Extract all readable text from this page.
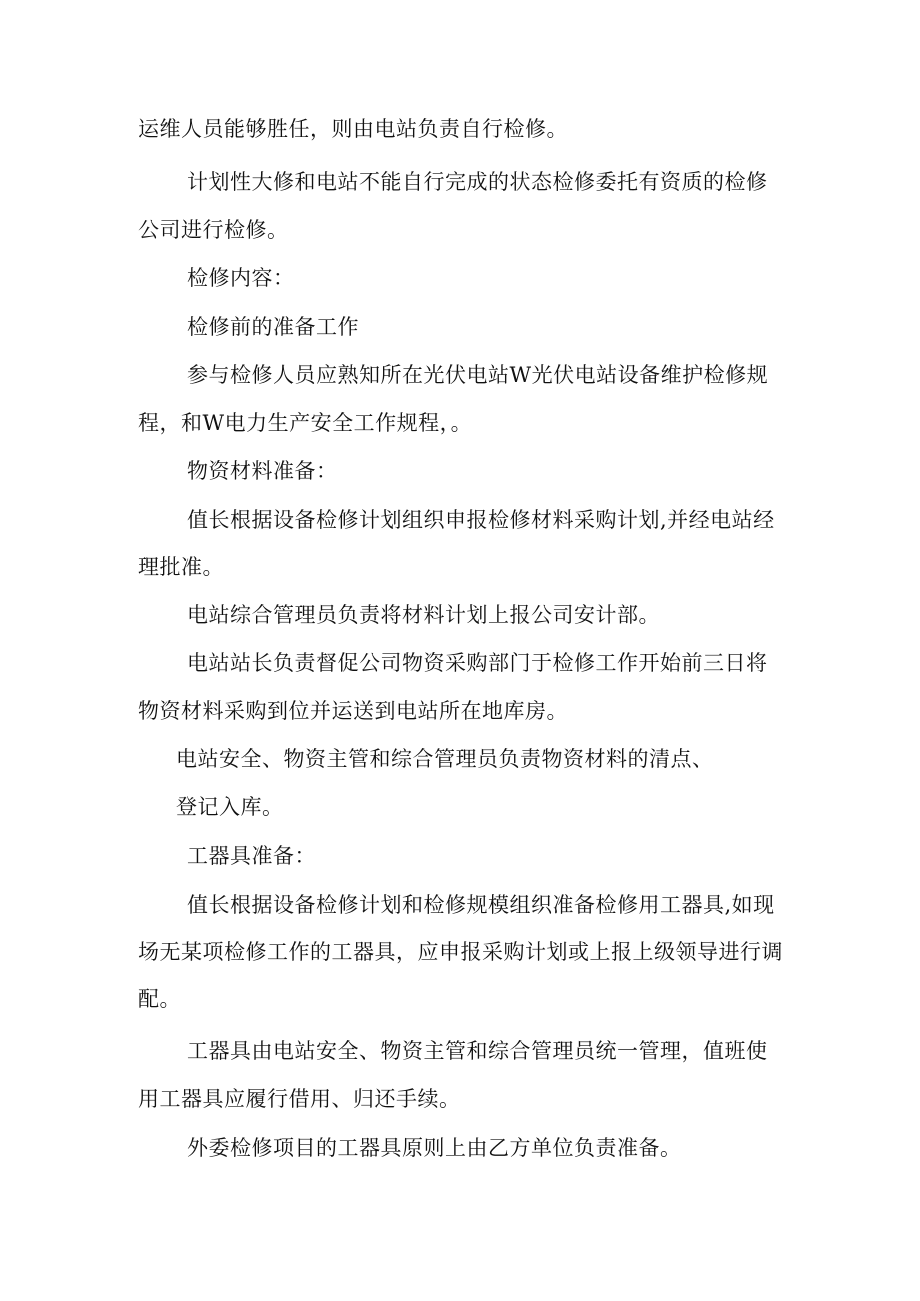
运维人员能够胜任，则由电站负责自行检修。
计划性大修和电站不能自行完成的状态检修委托有资质的检修
公司进行检修。
检修内容：
检修前的准备工作
参与检修人员应熟知所在光伏电站W光伏电站设备维护检修规
程，和W电力生产安全工作规程，。
物资材料准备：
值长根据设备检修计划组织申报检修材料采购计划,并经电站经
理批准。
电站综合管理员负责将材料计划上报公司安计部。
电站站长负责督促公司物资采购部门于检修工作开始前三日将
物资材料采购到位并运送到电站所在地库房。
电站安全、物资主管和综合管理员负责物资材料的清点、
登记入库。
工器具准备：
值长根据设备检修计划和检修规模组织准备检修用工器具,如现
场无某项检修工作的工器具，应申报采购计划或上报上级领导进行调
配。
工器具由电站安全、物资主管和综合管理员统一管理，值班使
用工器具应履行借用、归还手续。
外委检修项目的工器具原则上由乙方单位负责准备。
